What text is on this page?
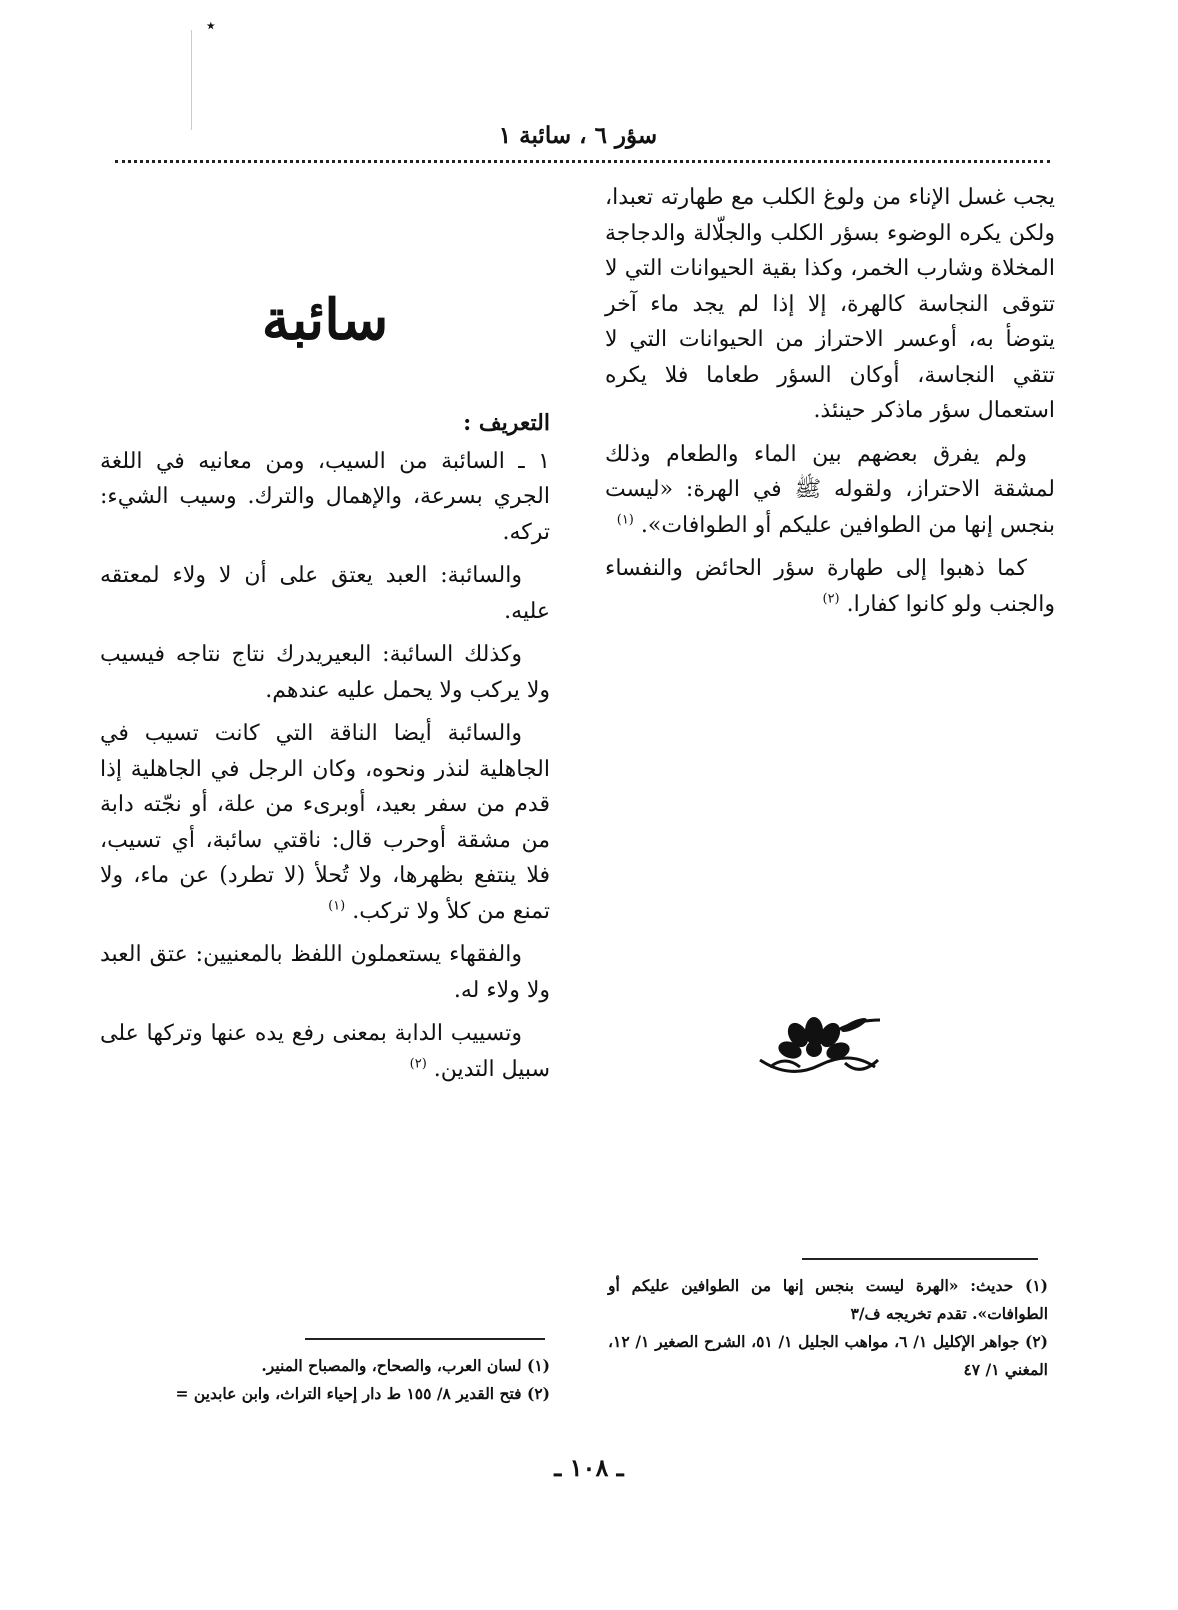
٭
سؤر ٦ ، سائبة ١

يجب غسل الإناء من ولوغ الكلب مع طهارته تعبدا، ولكن يكره الوضوء بسؤر الكلب والجلّالة والدجاجة المخلاة وشارب الخمر، وكذا بقية الحيوانات التي لا تتوقى النجاسة كالهرة، إلا إذا لم يجد ماء آخر يتوضأ به، أوعسر الاحتراز من الحيوانات التي لا تتقي النجاسة، أوكان السؤر طعاما فلا يكره استعمال سؤر ماذكر حينئذ.

ولم يفرق بعضهم بين الماء والطعام وذلك لمشقة الاحتراز، ولقوله ﷺ في الهرة: «ليست بنجس إنها من الطوافين عليكم أو الطوافات». $^{(١)}$

كما ذهبوا إلى طهارة سؤر الحائض والنفساء والجنب ولو كانوا كفارا. $^{(٢)}$

سائبة

التعريف :

١ ـ السائبة من السيب، ومن معانيه في اللغة الجري بسرعة، والإهمال والترك. وسيب الشيء: تركه.

والسائبة: العبد يعتق على أن لا ولاء لمعتقه عليه.

وكذلك السائبة: البعيريدرك نتاج نتاجه فيسيب ولا يركب ولا يحمل عليه عندهم.

والسائبة أيضا الناقة التي كانت تسيب في الجاهلية لنذر ونحوه، وكان الرجل في الجاهلية إذا قدم من سفر بعيد، أوبرىء من علة، أو نجّته دابة من مشقة أوحرب قال: ناقتي سائبة، أي تسيب، فلا ينتفع بظهرها، ولا تُحلأ (لا تطرد) عن ماء، ولا تمنع من كلأ ولا تركب. $^{(١)}$

والفقهاء يستعملون اللفظ بالمعنيين: عتق العبد ولا ولاء له.

وتسييب الدابة بمعنى رفع يده عنها وتركها على سبيل التدين. $^{(٢)}$

(١) حديث: «الهرة ليست بنجس إنها من الطوافين عليكم أو الطوافات». تقدم تخريجه ف/٣

(٢) جواهر الإكليل ١/ ٦، مواهب الجليل ١/ ٥١، الشرح الصغير ١/ ١٢، المغني ١/ ٤٧

(١) لسان العرب، والصحاح، والمصباح المنير.

(٢) فتح القدير ٨/ ١٥٥ ط دار إحياء التراث، وابن عابدين =

ـ ١٠٨ ـ
